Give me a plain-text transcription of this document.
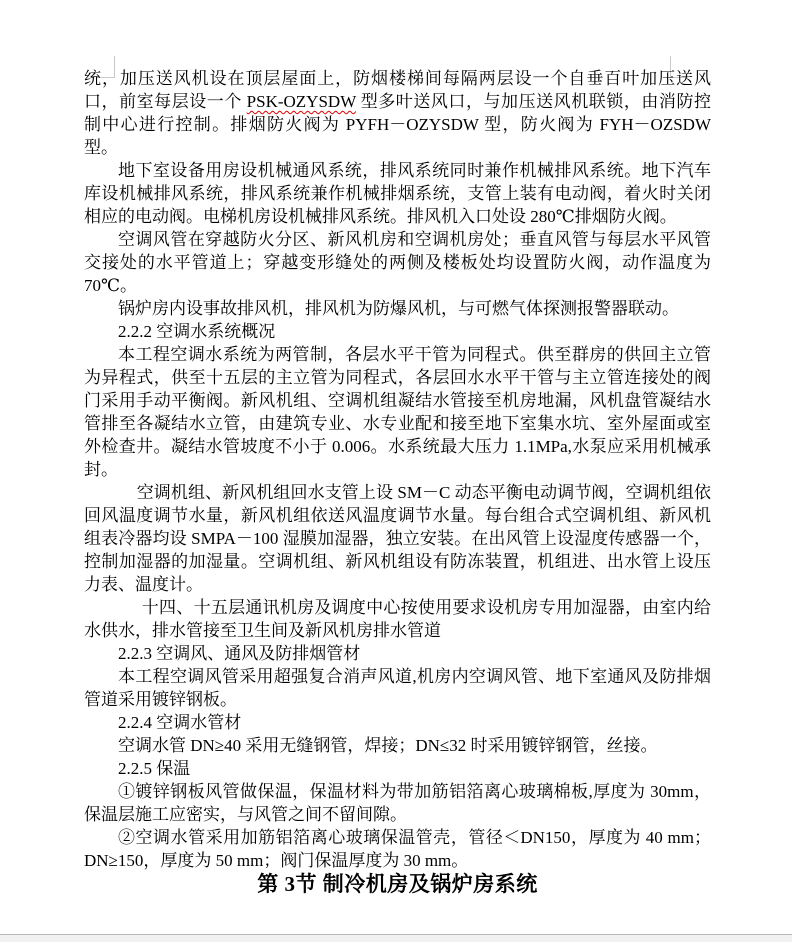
统，加压送风机设在顶层屋面上，防烟楼梯间每隔两层设一个自垂百叶加压送风口，前室每层设一个 PSK-OZYSDW 型多叶送风口，与加压送风机联锁，由消防控制中心进行控制。排烟防火阀为 PYFH－OZYSDW 型，防火阀为 FYH－OZSDW 型。

地下室设备用房设机械通风系统，排风系统同时兼作机械排风系统。地下汽车库设机械排风系统，排风系统兼作机械排烟系统，支管上装有电动阀，着火时关闭相应的电动阀。电梯机房设机械排风系统。排风机入口处设 280℃排烟防火阀。

空调风管在穿越防火分区、新风机房和空调机房处；垂直风管与每层水平风管交接处的水平管道上；穿越变形缝处的两侧及楼板处均设置防火阀，动作温度为70℃。

锅炉房内设事故排风机，排风机为防爆风机，与可燃气体探测报警器联动。

2.2.2 空调水系统概况

本工程空调水系统为两管制，各层水平干管为同程式。供至群房的供回主立管为异程式，供至十五层的主立管为同程式，各层回水水平干管与主立管连接处的阀门采用手动平衡阀。新风机组、空调机组凝结水管接至机房地漏，风机盘管凝结水管排至各凝结水立管，由建筑专业、水专业配和接至地下室集水坑、室外屋面或室外检查井。凝结水管坡度不小于 0.006。水系统最大压力 1.1MPa,水泵应采用机械承封。

空调机组、新风机组回水支管上设 SM－C 动态平衡电动调节阀，空调机组依回风温度调节水量，新风机组依送风温度调节水量。每台组合式空调机组、新风机组表冷器均设 SMPA－100 湿膜加湿器，独立安装。在出风管上设湿度传感器一个，控制加湿器的加湿量。空调机组、新风机组设有防冻装置，机组进、出水管上设压力表、温度计。

十四、十五层通讯机房及调度中心按使用要求设机房专用加湿器，由室内给水供水，排水管接至卫生间及新风机房排水管道

2.2.3 空调风、通风及防排烟管材

本工程空调风管采用超强复合消声风道,机房内空调风管、地下室通风及防排烟管道采用镀锌钢板。

2.2.4 空调水管材

空调水管 DN≥40 采用无缝钢管，焊接；DN≤32 时采用镀锌钢管，丝接。

2.2.5 保温

①镀锌钢板风管做保温，保温材料为带加筋铝箔离心玻璃棉板,厚度为 30mm，保温层施工应密实，与风管之间不留间隙。

②空调水管采用加筋铝箔离心玻璃保温管壳，管径＜DN150，厚度为 40 mm；DN≥150，厚度为 50 mm；阀门保温厚度为 30 mm。

第 3节 制冷机房及锅炉房系统
